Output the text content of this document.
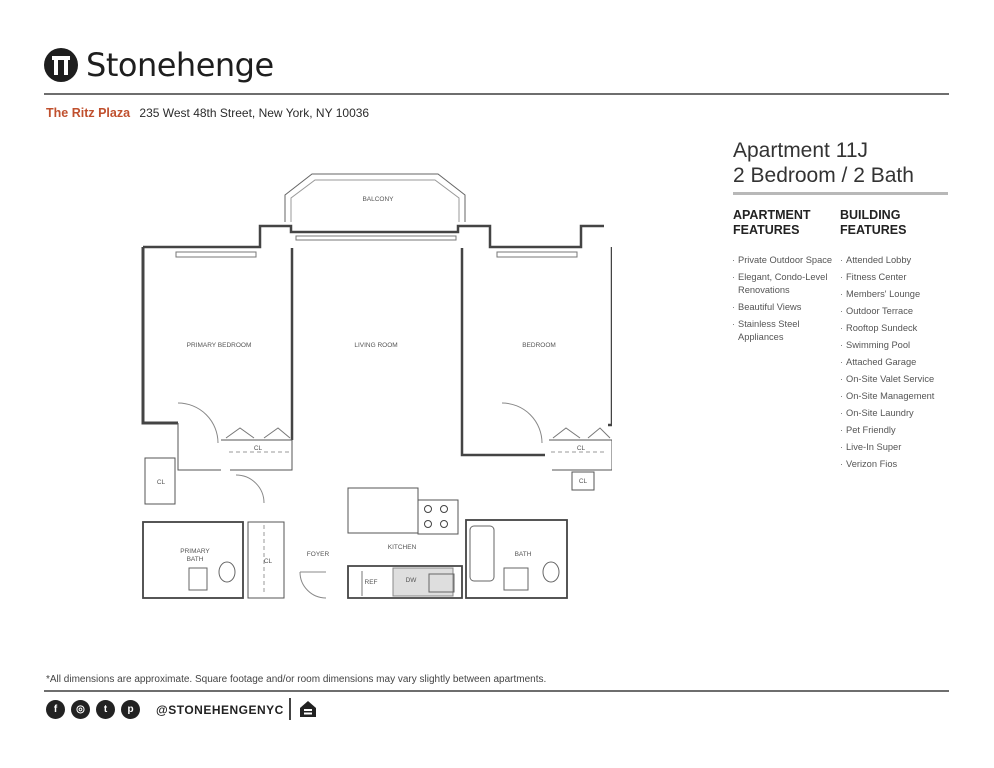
Stonehenge
The Ritz Plaza 235 West 48th Street, New York, NY 10036
Apartment 11J
2 Bedroom / 2 Bath
APARTMENT
FEATURES
BUILDING
FEATURES
· Private Outdoor Space
· Elegant, Condo-Level Renovations
· Beautiful Views
· Stainless Steel Appliances
· Attended Lobby
· Fitness Center
· Members' Lounge
· Outdoor Terrace
· Rooftop Sundeck
· Swimming Pool
· Attached Garage
· On-Site Valet Service
· On-Site Management
· On-Site Laundry
· Pet Friendly
· Live-In Super
· Verizon Fios
BALCONY
PRIMARY BEDROOM	LIVING ROOM	BEDROOM
CL	CL
CL	CL
CL
PRIMARY
BATH
FOYER
KITCHEN
BATH
REF	DW
*All dimensions are approximate. Square footage and/or room dimensions may vary slightly between apartments.
f	◎	t	p	@STONEHENGENYC
